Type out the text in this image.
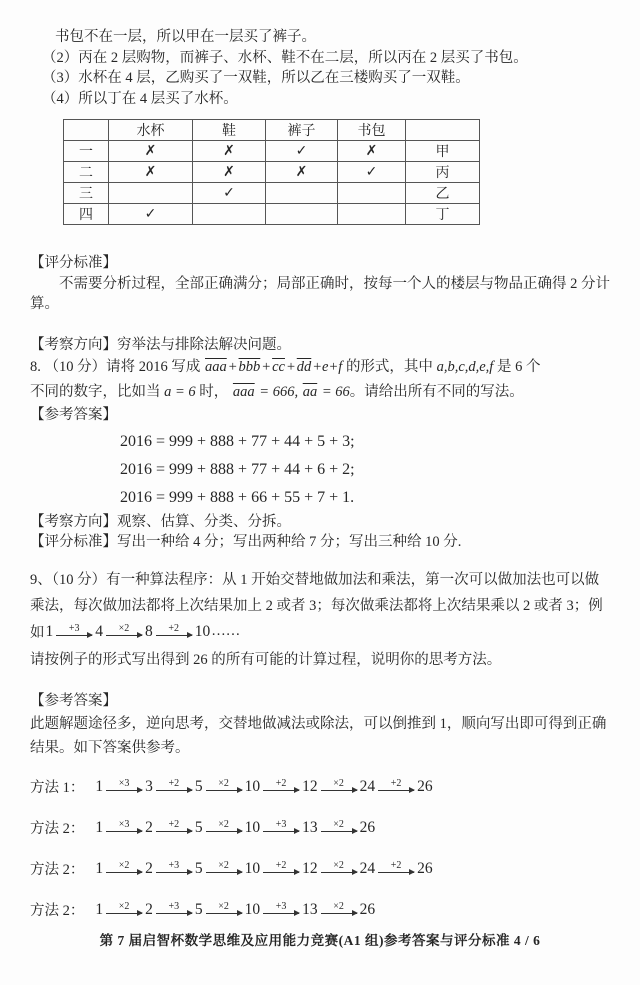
书包不在一层，所以甲在一层买了裤子。
（2）丙在 2 层购物，而裤子、水杯、鞋不在二层，所以丙在 2 层买了书包。
（3）水杯在 4 层，乙购买了一双鞋，所以乙在三楼购买了一双鞋。
（4）所以丁在 4 层买了水杯。
	水杯	鞋	裤子	书包	
一	✗	✗	✓	✗	甲
二	✗	✗	✗	✓	丙
三		✓			乙
四	✓				丁
【评分标准】
不需要分析过程，全部正确满分；局部正确时，按每一个人的楼层与物品正确得 2 分计
算。
【考察方向】穷举法与排除法解决问题。
8. （10 分）请将 2016 写成 $\overline{aaa}+\overline{bbb}+\overline{cc}+\overline{dd}+e+f$ 的形式，其中 a,b,c,d,e,f 是 6 个
不同的数字，比如当 a = 6 时， $\overline{aaa} = 666$, $\overline{aa} = 66$。请给出所有不同的写法。
【参考答案】
2016 = 999 + 888 + 77 + 44 + 5 + 3;
2016 = 999 + 888 + 77 + 44 + 6 + 2;
2016 = 999 + 888 + 66 + 55 + 7 + 1.
【考察方向】观察、估算、分类、分拆。
【评分标准】写出一种给 4 分；写出两种给 7 分；写出三种给 10 分.
9、（10 分）有一种算法程序：从 1 开始交替地做加法和乘法，第一次可以做加法也可以做
乘法，每次做加法都将上次结果加上 2 或者 3；每次做乘法都将上次结果乘以 2 或者 3；例
如 1 +3 4 ×2 8 +2 10 ……
请按例子的形式写出得到 26 的所有可能的计算过程，说明你的思考方法。
【参考答案】
此题解题途径多，逆向思考，交替地做减法或除法，可以倒推到 1，顺向写出即可得到正确
结果。如下答案供参考。
方法 1： 1 ×3 3 +2 5 ×2 10 +2 12 ×2 24 +2 26
方法 2： 1 ×3 2 +2 5 ×2 10 +3 13 ×2 26
方法 2： 1 ×2 2 +3 5 ×2 10 +2 12 ×2 24 +2 26
方法 2： 1 ×2 2 +3 5 ×2 10 +3 13 ×2 26
第 7 届启智杯数学思维及应用能力竞赛(A1 组)参考答案与评分标准 4 / 6
